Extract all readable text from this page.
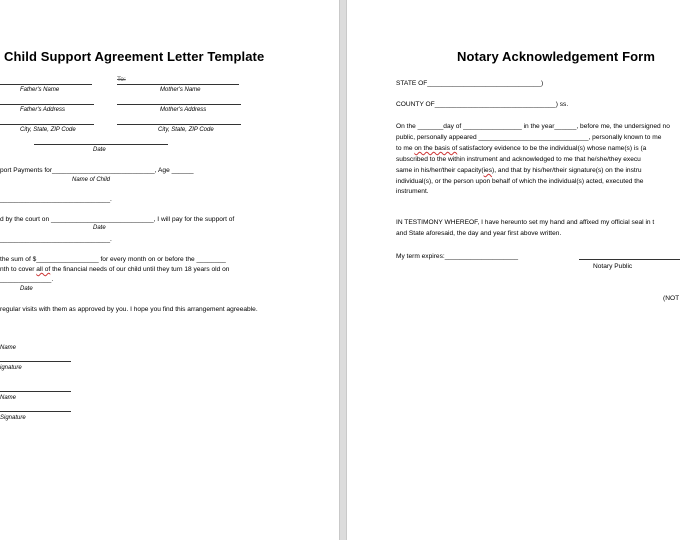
Child Support Agreement Letter Template
To:
Father's Name	Mother's Name
Father's Address	Mother's Address
City, State, ZIP Code	City, State, ZIP Code
Date
port Payments for____________________________, Age ______
Name of Child
______________________________.
d by the court on ____________________________, I will pay for the support of
Date
______________________________.
the sum of $_________________ for every month on or before the ________
nth to cover all of the financial needs of our child until they turn 18 years old on
______________.
Date
regular visits with them as approved by you. I hope you find this arrangement agreeable.
Name
ignature
Name
Signature
Notary Acknowledgement Form
STATE OF_______________________________)
COUNTY OF_________________________________) ss.
On the _______day of ________________ in the year______, before me, the undersigned no
public, personally appeared ______________________________, personally known to me
to me on the basis of satisfactory evidence to be the individual(s) whose name(s) is (a
subscribed to the within instrument and acknowledged to me that he/she/they execu
same in his/her/their capacity(ies), and that by his/her/their signature(s) on the instru
individual(s), or the person upon behalf of which the individual(s) acted, executed the
instrument.
IN TESTIMONY WHEREOF, I have hereunto set my hand and affixed my official seal in t
and State aforesaid, the day and year first above written.
My term expires:____________________
Notary Public
(NOT
